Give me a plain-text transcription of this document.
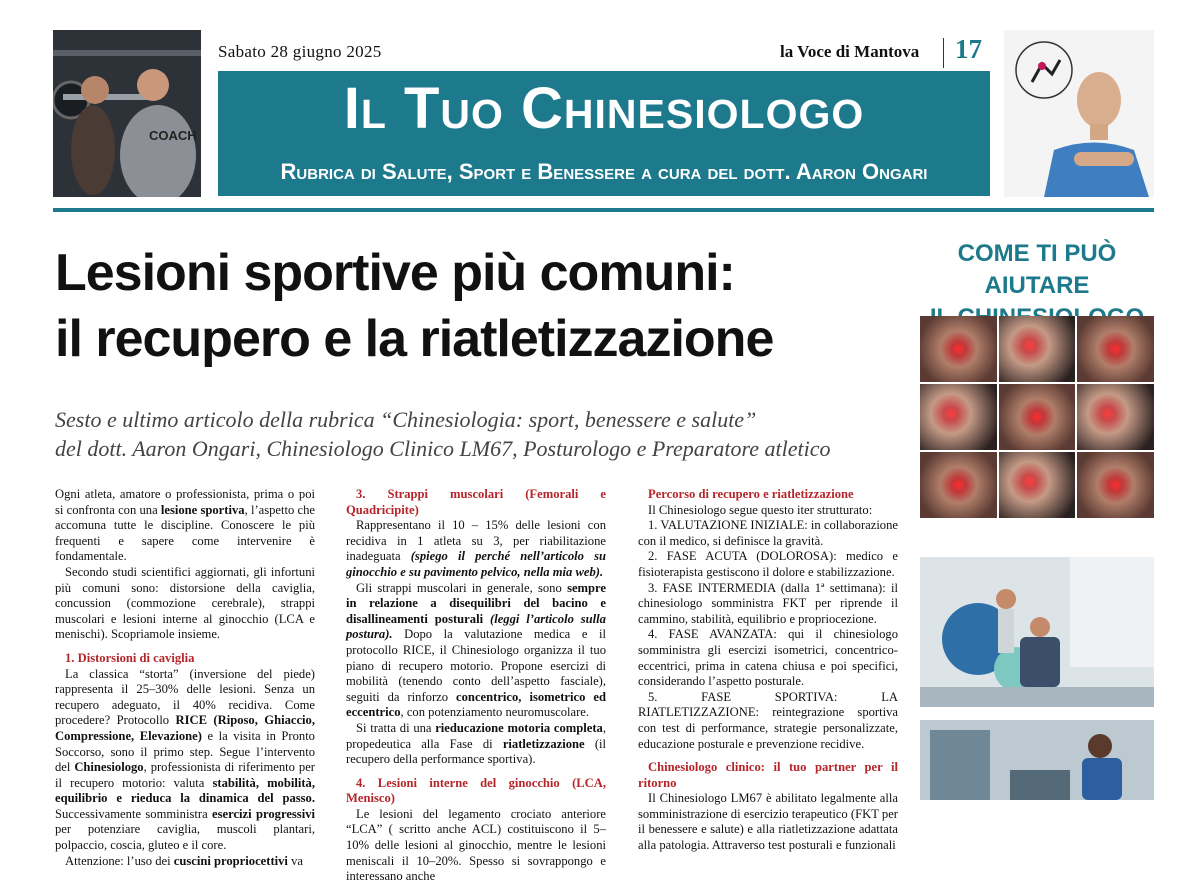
COACH
Sabato 28 giugno 2025	la Voce di Mantova 17
Il Tuo Chinesiologo
Rubrica di Salute, Sport e Benessere a cura del dott. Aaron Ongari
Lesioni sportive più comuni:
il recupero e la riatletizzazione
Sesto e ultimo articolo della rubrica “Chinesiologia: sport, benessere e salute”
del dott. Aaron Ongari, Chinesiologo Clinico LM67, Posturologo e Preparatore atletico

Ogni atleta, amatore o professionista, prima o poi si confronta con una lesione sportiva, l’aspetto che accomuna tutte le discipline. Conoscere le più frequenti e sapere come intervenire è fondamentale.

Secondo studi scientifici aggiornati, gli infortuni più comuni sono: distorsione della caviglia, concussion (commozione cerebrale), strappi muscolari e lesioni interne al ginocchio (LCA e menischi). Scopriamole insieme.

1. Distorsioni di caviglia

La classica “storta” (inversione del piede) rappresenta il 25–30% delle lesioni. Senza un recupero adeguato, il 40% recidiva. Come procedere? Protocollo RICE (Riposo, Ghiaccio, Compressione, Elevazione) e la visita in Pronto Soccorso, sono il primo step. Segue l’intervento del Chinesiologo, professionista di riferimento per il recupero motorio: valuta stabilità, mobilità, equilibrio e rieduca la dinamica del passo. Successivamente somministra esercizi progressivi per potenziare caviglia, muscoli plantari, polpaccio, coscia, gluteo e il core.

Attenzione: l’uso dei cuscini propriocettivi va

3. Strappi muscolari (Femorali e Quadricipite)

Rappresentano il 10 – 15% delle lesioni con recidiva in 1 atleta su 3, per riabilitazione inadeguata (spiego il perché nell’articolo su ginocchio e su pavimento pelvico, nella mia web).

Gli strappi muscolari in generale, sono sempre in relazione a disequilibri del bacino e disallineamenti posturali (leggi l’articolo sulla postura). Dopo la valutazione medica e il protocollo RICE, il Chinesiologo organizza il tuo piano di recupero motorio. Propone esercizi di mobilità (tenendo conto dell’aspetto fasciale), seguiti da rinforzo concentrico, isometrico ed eccentrico, con potenziamento neuromuscolare.

Si tratta di una rieducazione motoria completa, propedeutica alla Fase di riatletizzazione (il recupero della performance sportiva).

4. Lesioni interne del ginocchio (LCA, Menisco)

Le lesioni del legamento crociato anteriore “LCA” ( scritto anche ACL) costituiscono il 5–10% delle lesioni al ginocchio, mentre le lesioni meniscali il 10–20%. Spesso si sovrappongo e interessano anche

Percorso di recupero e riatletizzazione

Il Chinesiologo segue questo iter strutturato:

1. VALUTAZIONE INIZIALE: in collaborazione con il medico, si definisce la gravità.

2. FASE ACUTA (DOLOROSA): medico e fisioterapista gestiscono il dolore e stabilizzazione.

3. FASE INTERMEDIA (dalla 1ª settimana): il chinesiologo somministra FKT per riprende il cammino, stabilità, equilibrio e propriocezione.

4. FASE AVANZATA: qui il chinesiologo somministra gli esercizi isometrici, concentrico-eccentrici, prima in catena chiusa e poi specifici, considerando l’aspetto posturale.

5. FASE SPORTIVA: LA RIATLETIZZAZIONE: reintegrazione sportiva con test di performance, strategie personalizzate, educazione posturale e prevenzione recidive.

Chinesiologo clinico: il tuo partner per il ritorno

Il Chinesiologo LM67 è abilitato legalmente alla somministrazione di esercizio terapeutico (FKT per il benessere e salute) e alla riatletizzazione adattata alla patologia. Attraverso test posturali e funzionali

COME TI PUÒ AIUTARE
